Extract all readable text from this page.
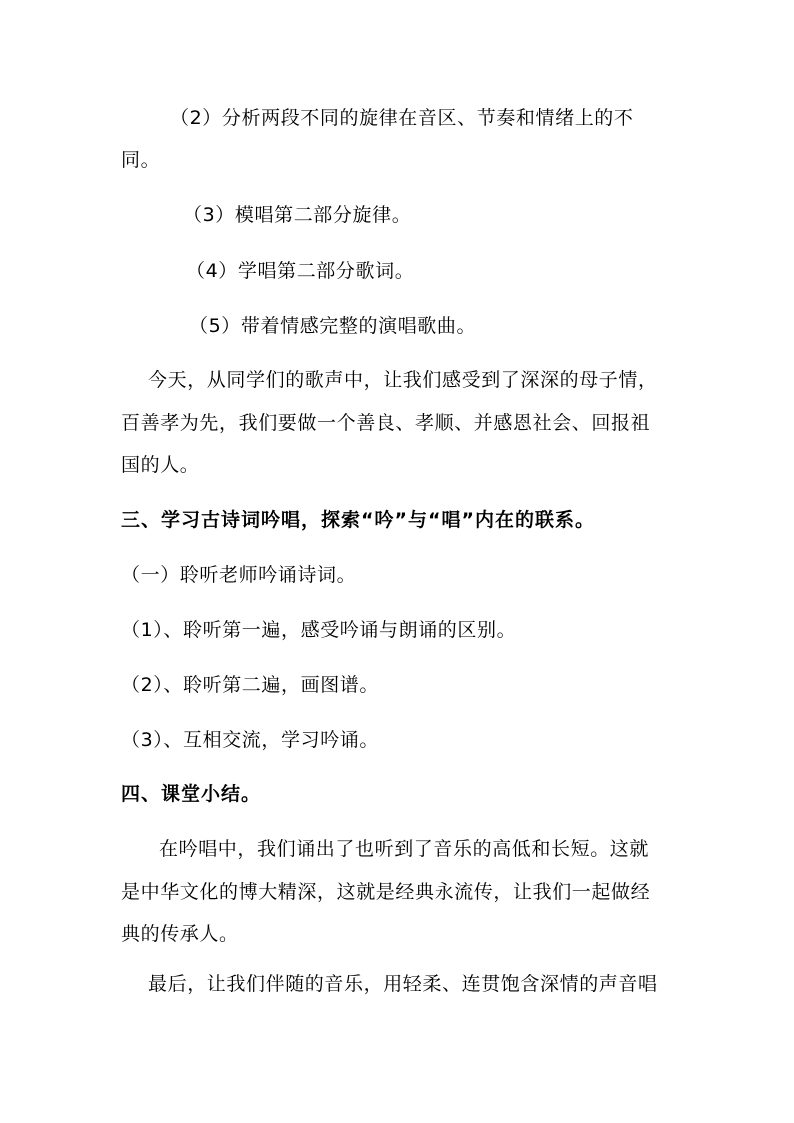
（2）分析两段不同的旋律在音区、节奏和情绪上的不
同。
（3）模唱第二部分旋律。
（4）学唱第二部分歌词。
（5）带着情感完整的演唱歌曲。
今天，从同学们的歌声中，让我们感受到了深深的母子情，
百善孝为先，我们要做一个善良、孝顺、并感恩社会、回报祖
国的人。
三、学习古诗词吟唱，探索“吟”与“唱”内在的联系。
（一）聆听老师吟诵诗词。
（1）、聆听第一遍，感受吟诵与朗诵的区别。
（2）、聆听第二遍，画图谱。
（3）、互相交流，学习吟诵。
四、课堂小结。
在吟唱中，我们诵出了也听到了音乐的高低和长短。这就
是中华文化的博大精深，这就是经典永流传，让我们一起做经
典的传承人。
最后，让我们伴随的音乐，用轻柔、连贯饱含深情的声音唱
